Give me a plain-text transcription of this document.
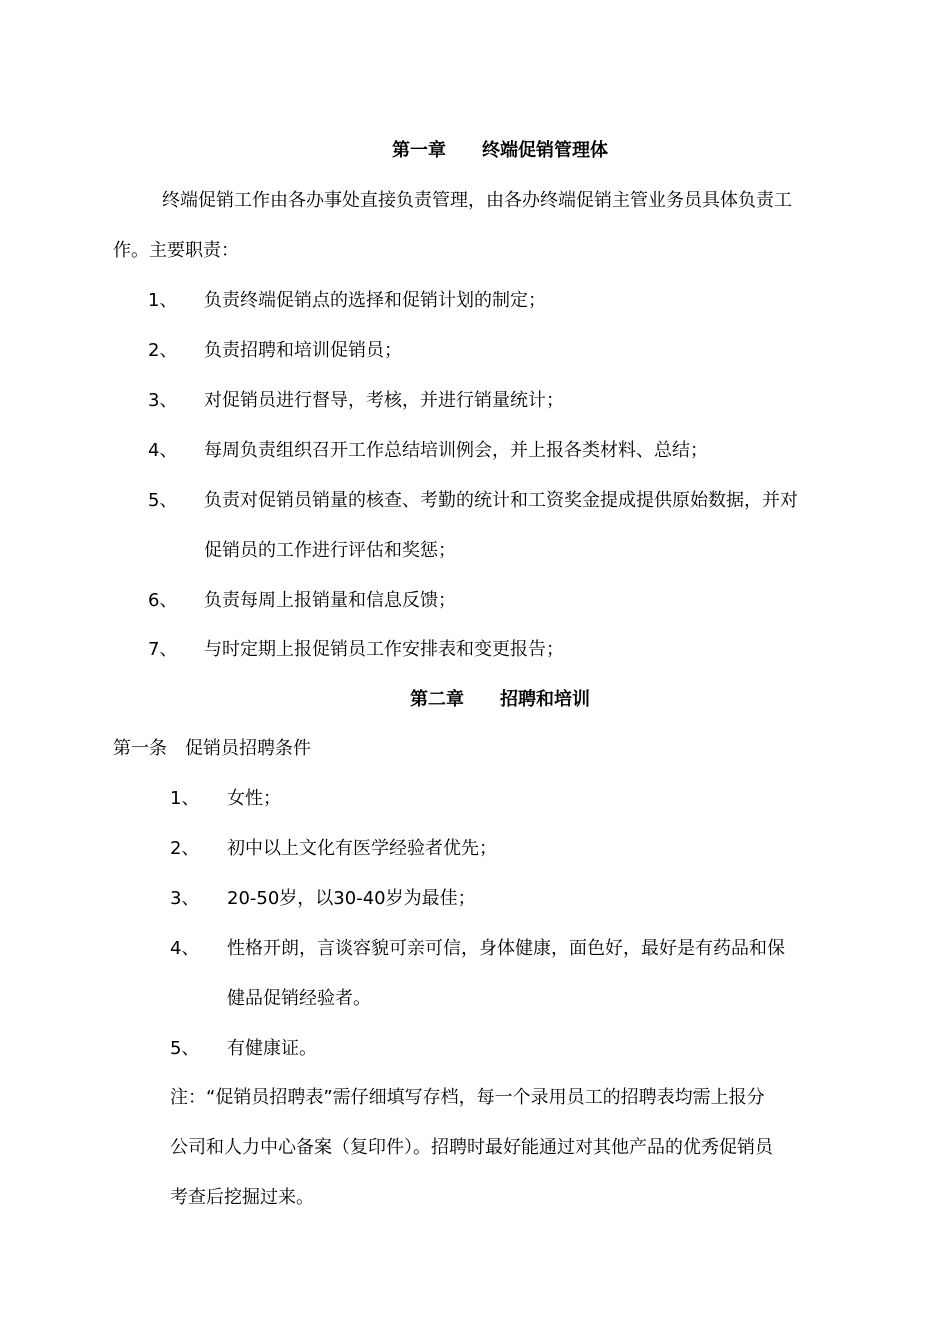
第一章　　终端促销管理体
终端促销工作由各办事处直接负责管理，由各办终端促销主管业务员具体负责工
作。主要职责：
1、 负责终端促销点的选择和促销计划的制定；
2、 负责招聘和培训促销员；
3、 对促销员进行督导，考核，并进行销量统计；
4、 每周负责组织召开工作总结培训例会，并上报各类材料、总结；
5、 负责对促销员销量的核查、考勤的统计和工资奖金提成提供原始数据，并对
促销员的工作进行评估和奖惩；
6、 负责每周上报销量和信息反馈；
7、 与时定期上报促销员工作安排表和变更报告；
第二章　　招聘和培训
第一条　促销员招聘条件
1、 女性；
2、 初中以上文化有医学经验者优先；
3、 20-50岁，以30-40岁为最佳；
4、 性格开朗，言谈容貌可亲可信，身体健康，面色好，最好是有药品和保
健品促销经验者。
5、 有健康证。
注：“促销员招聘表”需仔细填写存档，每一个录用员工的招聘表均需上报分
公司和人力中心备案（复印件）。招聘时最好能通过对其他产品的优秀促销员
考查后挖掘过来。
